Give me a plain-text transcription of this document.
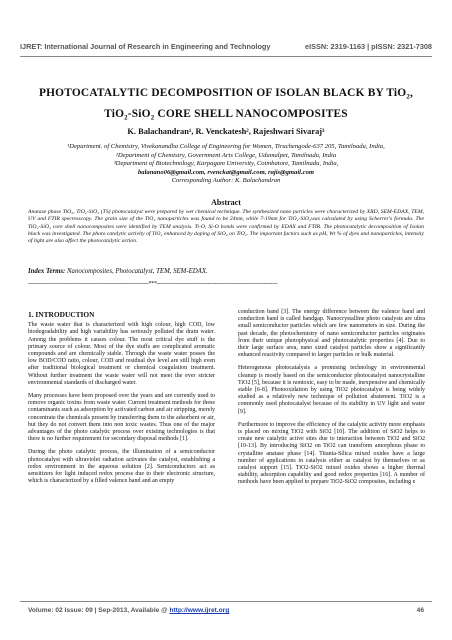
IJRET: International Journal of Research in Engineering and Technology	eISSN: 2319-1163 | pISSN: 2321-7308
PHOTOCATALYTIC DECOMPOSITION OF ISOLAN BLACK BY TiO₂,
TiO₂-SiO₂ CORE SHELL NANOCOMPOSITES
K. Balachandran¹, R. Venckatesh², Rajeshwari Sivaraj³
¹Department. of Chemistry, Vivekanandha College of Engineering for Women, Tiruchengode-637 205, Tamilnadu, India,
²Department of Chemistry, Government Arts College, Udumalpet, Tamilnadu, India
³Department of Biotechnology, Karpagam University, Coimbatore, Tamilnadu, India,
balanano06@gmail.com, rvenckat@gmail.com, rajis@gmail.com
Corresponding Author: K. Balachandran
Abstract
Anatase phase TiO₂, TiO₂-SiO₂ (TS) photocatalyst were prepared by wet chemical technique. The synthesized nano particles were characterized by XRD, SEM-EDAX, TEM, UV and FTIR spectroscopy. The grain size of the TiO₂ nanoparticles was found to be 24nm, while 7-19nm for TiO₂-SiO₂was calculated by using Scherrer's formula. The TiO₂-SiO₂ core shell nanocomposites were identified by TEM analysis. Ti-O, Si-O bonds were confirmed by EDAX and FTIR. The photocatalytic decomposition of Isolan black was investigated. The photo catalytic activity of TiO₂ enhanced by doping of SiO₂ on TiO₂. The important factors such as pH, Wt % of dyes and nanoparticles, intensity of light are also affect the photocatalytic action.
Index Terms: Nanocomposites, Photocatalyst, TEM, SEM-EDAX.
-----------------------------------------------------------------------***-----------------------------------------------------------------------
1. INTRODUCTION

The waste water that is characterized with high colour, high COD, low biodegradability and high variability has seriously polluted the drain water. Among the problems it causes colour. The most critical dye stuff is the primary source of colour. Most of the dye stuffs are complicated aromatic compounds and are chemically stable. Through the waste water posses the low BOD/COD ratio, colour, COD and residual dye level are still high even after traditional biological treatment or chemical coagulation treatment. Without further treatment the waste water will not meet the ever stricter environmental standards of discharged water.

Many processes have been proposed over the years and are currently used to remove organic toxins from waste water. Current treatment methods for these contaminants such as adsorption by activated carbon and air stripping, merely concentrate the chemicals present by transferring them to the adsorbent or air, but they do not convert them into non toxic wastes. Thus one of the major advantages of the photo catalytic process over existing technologies is that there is no further requirement for secondary disposal methods [1].

During the photo catalytic process, the illumination of a semiconductor photocatalyst with ultraviolet radiation activates the catalyst, establishing a redox environment in the aqueous solution [2]. Semiconductors act as sensitizers for light induced redox process due to their electronic structure, which is characterized by a filled valence band and an empty

conduction band [3]. The energy difference between the valence band and conduction band is called bandgap. Nanocrystalline photo catalysts are ultra small semiconductor particles which are few nanometers in size. During the past decade, the photochemistry of nano semiconductor particles originates from their unique photophysical and photocatalytic properties [4]. Due to their large surface area, nano sized catalyst particles show a significantly enhanced reactivity compared to larger particles or bulk material.

Heterogenous photocatalysis a promising technology in environmental cleanup is mostly based on the semiconductor photocatalyst nanocrystalline TiO2 [5], because it is nontoxic, easy to be made, inexpensive and chemically stable [6-8]. Photooxidation by using TiO2 photocatalyst is being widely studied as a relatively new technique of pollution abatement. TiO2 is a commonly used photocatalyst because of its stability in UV light and water [9].

Furthermore to improve the efficiency of the catalytic activity more emphasis is placed on mixing TiO2 with SiO2 [10]. The addition of SiO2 helps to create new catalytic active sites due to interaction between TiO2 and SiO2 [10-13]. By introducing SiO2 on TiO2 can transform amorphous phase to crystalline anatase phase [14]. Titania-Silica mixed oxides have a large number of applications in catalysis either as catalyst by themselves or as catalyst support [15]. TiO2-SiO2 mixed oxides shows a higher thermal stability, adsorption capability and good redox properties [16]. A number of methods have been applied to prepare TiO2-SiO2 composites, including e

Volume: 02 Issue: 09 | Sep-2013, Available @ http://www.ijret.org	46
